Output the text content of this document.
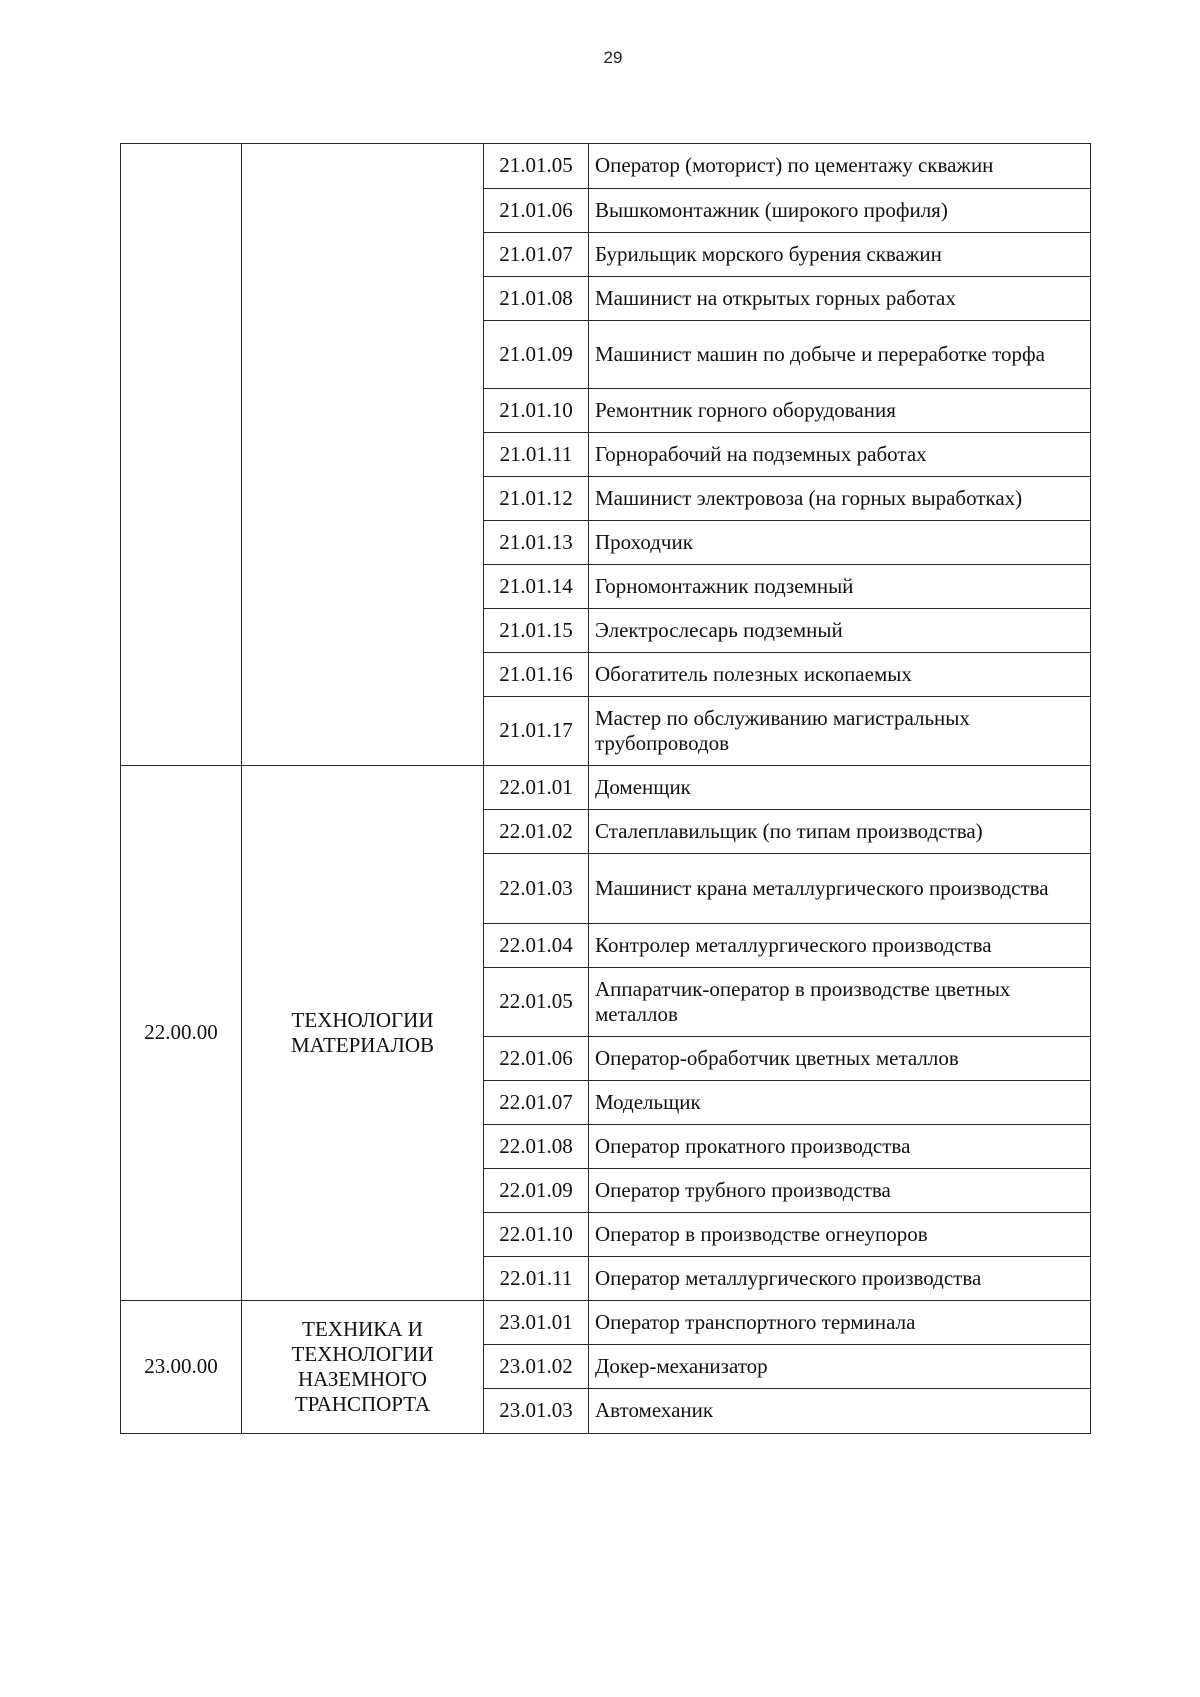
29
		21.01.05	Оператор (моторист) по цементажу скважин
		21.01.06	Вышкомонтажник (широкого профиля)
		21.01.07	Бурильщик морского бурения скважин
		21.01.08	Машинист на открытых горных работах
		21.01.09	Машинист машин по добыче и переработке торфа
		21.01.10	Ремонтник горного оборудования
		21.01.11	Горнорабочий на подземных работах
		21.01.12	Машинист электровоза (на горных выработках)
		21.01.13	Проходчик
		21.01.14	Горномонтажник подземный
		21.01.15	Электрослесарь подземный
		21.01.16	Обогатитель полезных ископаемых
		21.01.17	Мастер по обслуживанию магистральных трубопроводов
22.00.00	ТЕХНОЛОГИИ МАТЕРИАЛОВ	22.01.01	Доменщик
		22.01.02	Сталеплавильщик (по типам производства)
		22.01.03	Машинист крана металлургического производства
		22.01.04	Контролер металлургического производства
		22.01.05	Аппаратчик-оператор в производстве цветных металлов
		22.01.06	Оператор-обработчик цветных металлов
		22.01.07	Модельщик
		22.01.08	Оператор прокатного производства
		22.01.09	Оператор трубного производства
		22.01.10	Оператор в производстве огнеупоров
		22.01.11	Оператор металлургического производства
23.00.00	ТЕХНИКА И ТЕХНОЛОГИИ НАЗЕМНОГО ТРАНСПОРТА	23.01.01	Оператор транспортного терминала
		23.01.02	Докер-механизатор
		23.01.03	Автомеханик
